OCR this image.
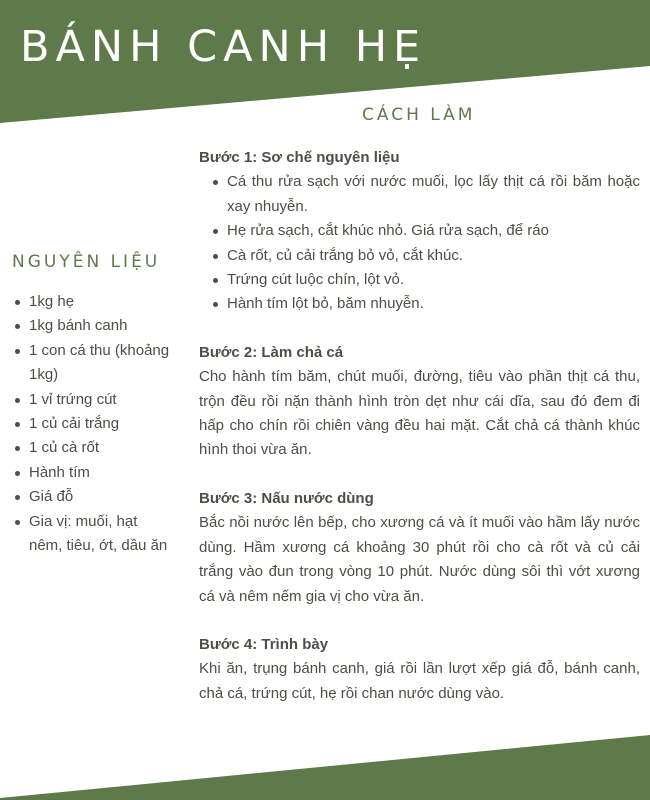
BÁNH CANH HẸ
CÁCH LÀM
NGUYÊN LIỆU
1kg hẹ
1kg bánh canh
1 con cá thu (khoảng 1kg)
1 vỉ trứng cút
1 củ cải trắng
1 củ cà rốt
Hành tím
Giá đỗ
Gia vị: muối, hạt nêm, tiêu, ớt, dầu ăn

Bước 1: Sơ chế nguyên liệu

Cá thu rửa sạch với nước muối, lọc lấy thịt cá rồi băm hoặc xay nhuyễn.
Hẹ rửa sạch, cắt khúc nhỏ. Giá rửa sạch, để ráo
Cà rốt, củ cải trắng bỏ vỏ, cắt khúc.
Trứng cút luộc chín, lột vỏ.
Hành tím lột bỏ, băm nhuyễn.

Bước 2: Làm chả cá

Cho hành tím băm, chút muối, đường, tiêu vào phần thịt cá thu, trộn đều rồi nặn thành hình tròn dẹt như cái dĩa, sau đó đem đi hấp cho chín rồi chiên vàng đều hai mặt. Cắt chả cá thành khúc hình thoi vừa ăn.

Bước 3: Nấu nước dùng

Bắc nồi nước lên bếp, cho xương cá và ít muối vào hầm lấy nước dùng. Hầm xương cá khoảng 30 phút rồi cho cà rốt và củ cải trắng vào đun trong vòng 10 phút. Nước dùng sôi thì vớt xương cá và nêm nếm gia vị cho vừa ăn.

Bước 4: Trình bày

Khi ăn, trụng bánh canh, giá rồi lần lượt xếp giá đỗ, bánh canh, chả cá, trứng cút, hẹ rồi chan nước dùng vào.
